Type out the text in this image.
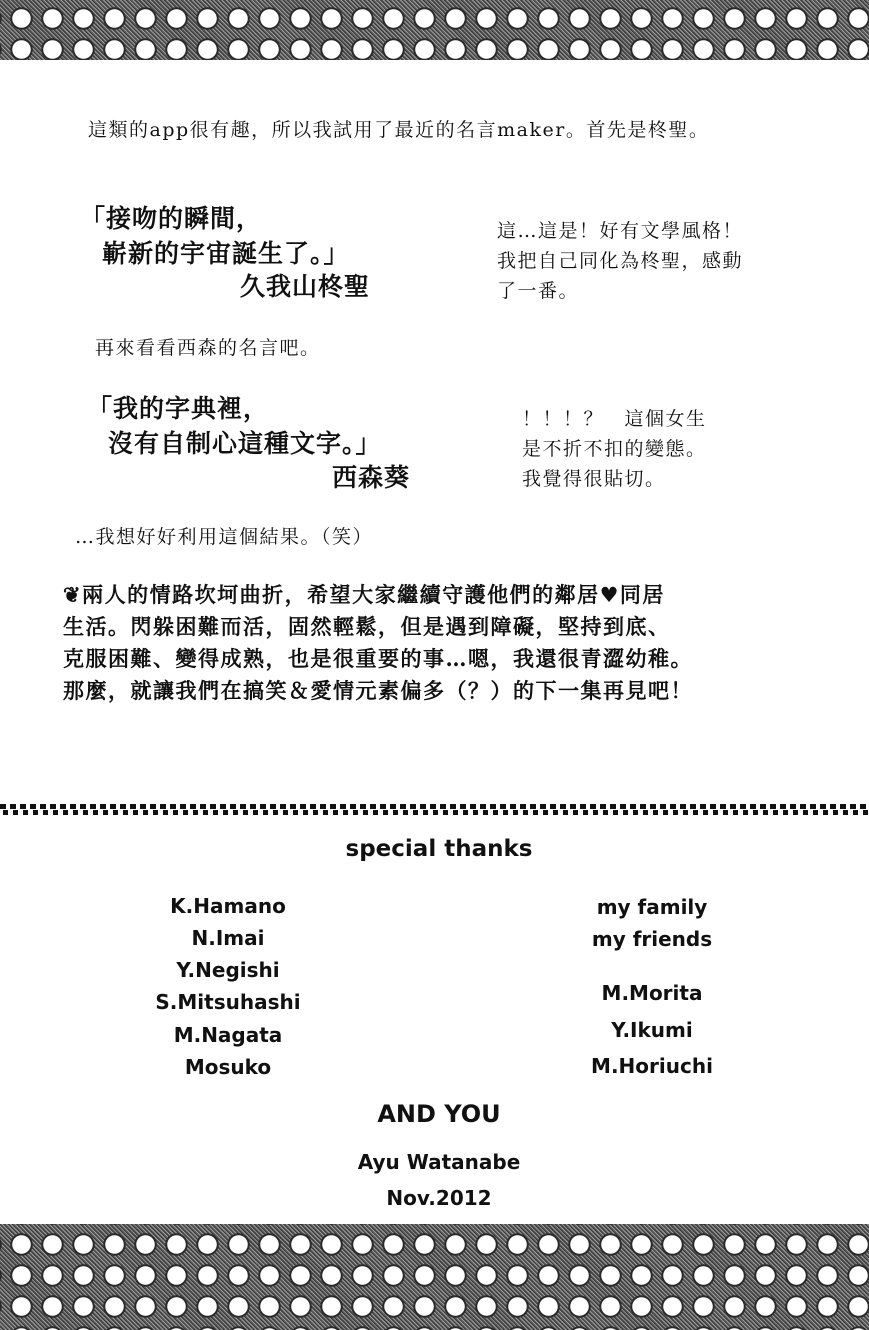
這類的app很有趣，所以我試用了最近的名言maker。首先是柊聖。
「接吻的瞬間，
嶄新的宇宙誕生了。」
久我山柊聖
這…這是！好有文學風格！
我把自己同化為柊聖，感動
了一番。
再來看看西森的名言吧。
「我的字典裡，
沒有自制心這種文字。」
西森葵
！！！？　這個女生
是不折不扣的變態。
我覺得很貼切。
…我想好好利用這個結果。（笑）
❦兩人的情路坎坷曲折，希望大家繼續守護他們的鄰居♥同居
生活。閃躲困難而活，固然輕鬆，但是遇到障礙，堅持到底、
克服困難、變得成熟，也是很重要的事…嗯，我還很青澀幼稚。
那麼，就讓我們在搞笑＆愛情元素偏多（？）的下一集再見吧！
special thanks
K.Hamano
N.Imai
Y.Negishi
S.Mitsuhashi
M.Nagata
Mosuko
my family
my friends
M.Morita
Y.Ikumi
M.Horiuchi
AND YOU
Ayu Watanabe
Nov.2012
